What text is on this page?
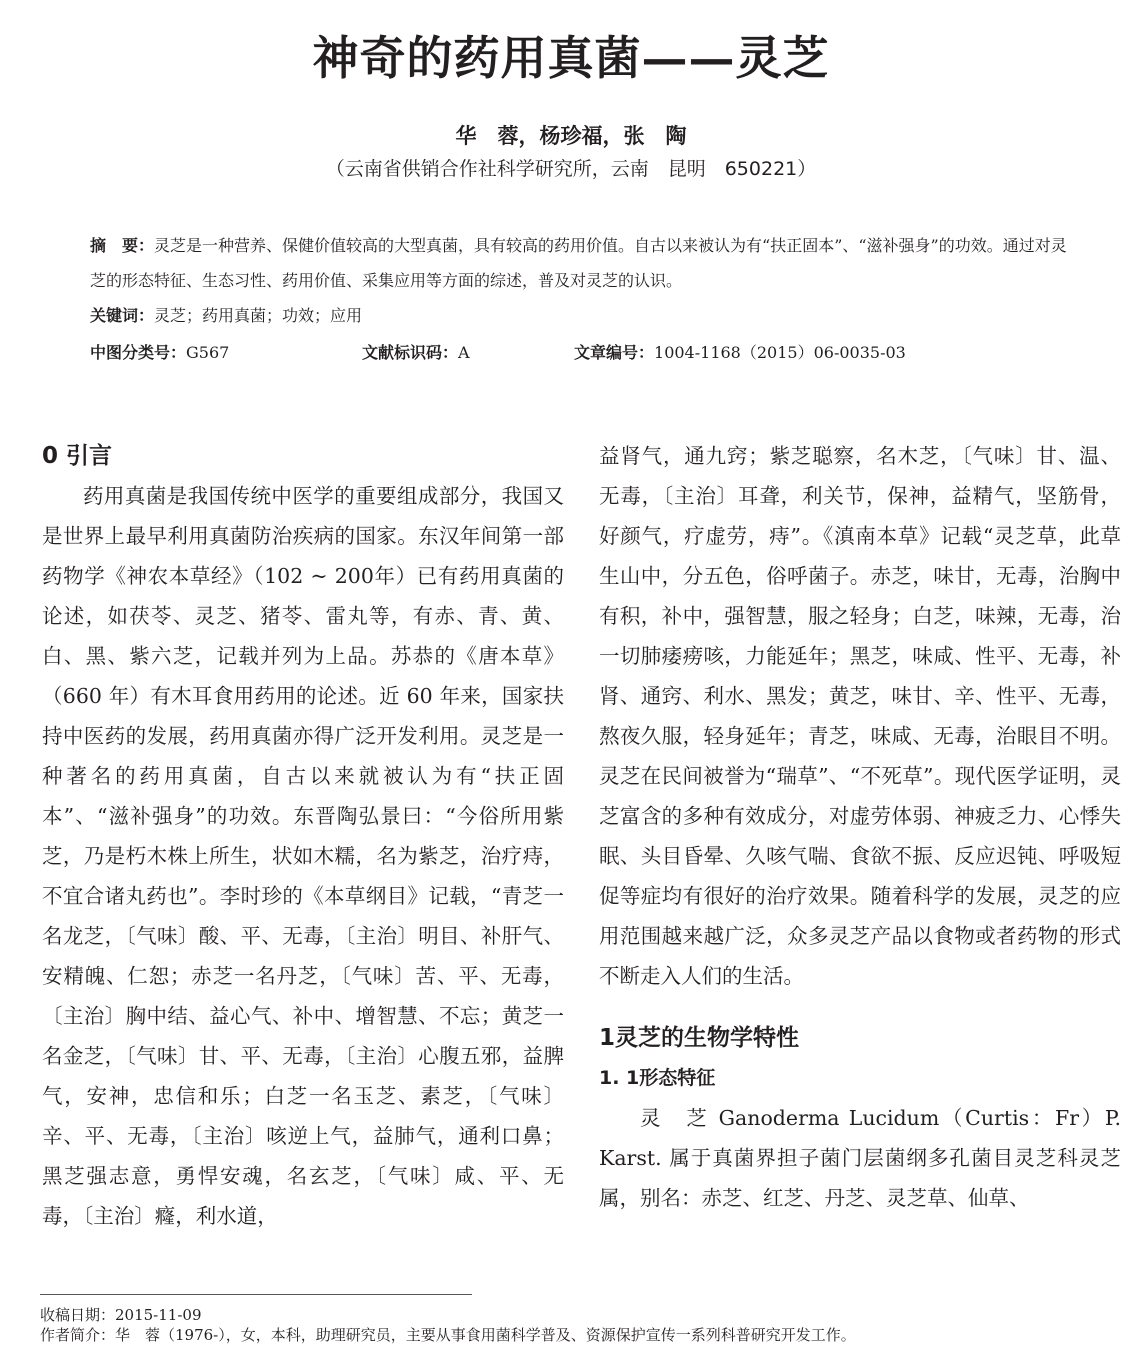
神奇的药用真菌——灵芝
华　蓉，杨珍福，张　陶
（云南省供销合作社科学研究所，云南　昆明　650221）
摘　要：灵芝是一种营养、保健价值较高的大型真菌，具有较高的药用价值。自古以来被认为有“扶正固本”、“滋补强身”的功效。通过对灵芝的形态特征、生态习性、药用价值、采集应用等方面的综述，普及对灵芝的认识。
关键词：灵芝；药用真菌；功效；应用
中图分类号：G567	文献标识码：A	文章编号：1004-1168（2015）06-0035-03
0 引言

药用真菌是我国传统中医学的重要组成部分，我国又是世界上最早利用真菌防治疾病的国家。东汉年间第一部药物学《神农本草经》（102 ~ 200年）已有药用真菌的论述，如茯苓、灵芝、猪苓、雷丸等，有赤、青、黄、白、黑、紫六芝，记载并列为上品。苏恭的《唐本草》（660 年）有木耳食用药用的论述。近 60 年来，国家扶持中医药的发展，药用真菌亦得广泛开发利用。灵芝是一种著名的药用真菌，自古以来就被认为有“扶正固本”、“滋补强身”的功效。东晋陶弘景曰：“今俗所用紫芝，乃是朽木株上所生，状如木糯，名为紫芝，治疗痔，不宜合诸丸药也”。李时珍的《本草纲目》记载，“青芝一名龙芝，〔气味〕酸、平、无毒，〔主治〕明目、补肝气、安精魄、仁恕；赤芝一名丹芝，〔气味〕苦、平、无毒，〔主治〕胸中结、益心气、补中、增智慧、不忘；黄芝一名金芝，〔气味〕甘、平、无毒，〔主治〕心腹五邪，益脾气，安神，忠信和乐；白芝一名玉芝、素芝，〔气味〕辛、平、无毒，〔主治〕咳逆上气，益肺气，通利口鼻；黑芝强志意，勇悍安魂，名玄芝，〔气味〕咸、平、无毒，〔主治〕癃，利水道，

益肾气，通九窍；紫芝聪察，名木芝，〔气味〕甘、温、无毒，〔主治〕耳聋，利关节，保神，益精气，坚筋骨，好颜气，疗虚劳，痔”。《滇南本草》记载“灵芝草，此草生山中，分五色，俗呼菌子。赤芝，味甘，无毒，治胸中有积，补中，强智慧，服之轻身；白芝，味辣，无毒，治一切肺痿痨咳，力能延年；黑芝，味咸、性平、无毒，补肾、通窍、利水、黑发；黄芝，味甘、辛、性平、无毒，熬夜久服，轻身延年；青芝，味咸、无毒，治眼目不明。灵芝在民间被誉为“瑞草”、“不死草”。现代医学证明，灵芝富含的多种有效成分，对虚劳体弱、神疲乏力、心悸失眠、头目昏晕、久咳气喘、食欲不振、反应迟钝、呼吸短促等症均有很好的治疗效果。随着科学的发展，灵芝的应用范围越来越广泛，众多灵芝产品以食物或者药物的形式不断走入人们的生活。

1灵芝的生物学特性
1. 1形态特征

灵　芝 Ganoderma Lucidum（Curtis：Fr）P. Karst. 属于真菌界担子菌门层菌纲多孔菌目灵芝科灵芝属，别名：赤芝、红芝、丹芝、灵芝草、仙草、

收稿日期：2015-11-09
作者简介：华　蓉（1976-），女，本科，助理研究员，主要从事食用菌科学普及、资源保护宣传一系列科普研究开发工作。
